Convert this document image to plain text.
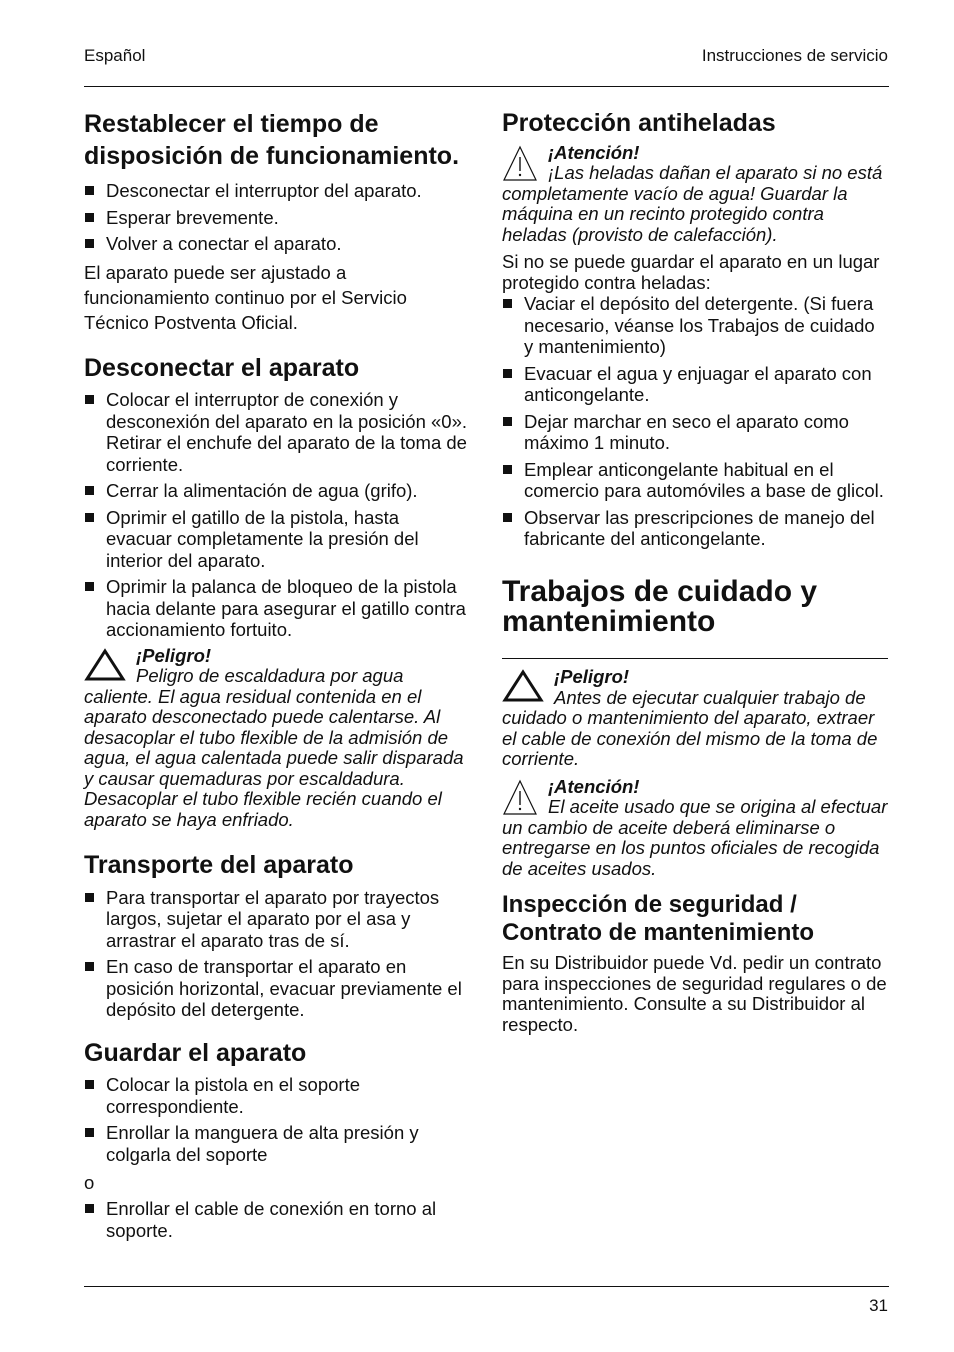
Español	Instrucciones de servicio
Restablecer el tiempo de disposición de funcionamiento.
Desconectar el interruptor del aparato.
Esperar brevemente.
Volver a conectar el aparato.

El aparato puede ser ajustado a funcionamiento continuo por el Servicio Técnico Postventa Oficial.

Desconectar el aparato
Colocar el interruptor de conexión y desconexión del aparato en la posición «0». Retirar el enchufe del aparato de la toma de corriente.
Cerrar la alimentación de agua (grifo).
Oprimir el gatillo de la pistola, hasta evacuar completamente la presión del interior del aparato.
Oprimir la palanca de bloqueo de la pistola hacia delante para asegurar el gatillo contra accionamiento fortuito.
¡Peligro!
Peligro de escaldadura por agua caliente. El agua residual contenida en el aparato desconectado puede calentarse. Al desacoplar el tubo flexible de la admisión de agua, el agua calentada puede salir disparada y causar quemaduras por escaldadura. Desacoplar el tubo flexible recién cuando el aparato se haya enfriado.
Transporte del aparato
Para transportar el aparato por trayectos largos, sujetar el aparato por el asa y arrastrar el aparato tras de sí.
En caso de transportar el aparato en posición horizontal, evacuar previamente el depósito del detergente.
Guardar el aparato
Colocar la pistola en el soporte correspondiente.
Enrollar la manguera de alta presión y colgarla del soporte

o

Enrollar el cable de conexión en torno al soporte.
Protección antiheladas
¡Atención!
¡Las heladas dañan el aparato si no está completamente vacío de agua! Guardar la máquina en un recinto protegido contra heladas (provisto de calefacción).

Si no se puede guardar el aparato en un lugar protegido contra heladas:

Vaciar el depósito del detergente. (Si fuera necesario, véanse los Trabajos de cuidado y mantenimiento)
Evacuar el agua y enjuagar el aparato con anticongelante.
Dejar marchar en seco el aparato como máximo 1 minuto.
Emplear anticongelante habitual en el comercio para automóviles a base de glicol.
Observar las prescripciones de manejo del fabricante del anticongelante.
Trabajos de cuidado y mantenimiento
¡Peligro!
Antes de ejecutar cualquier trabajo de cuidado o mantenimiento del aparato, extraer el cable de conexión del mismo de la toma de corriente.
¡Atención!
El aceite usado que se origina al efectuar un cambio de aceite deberá eliminarse o entregarse en los puntos oficiales de recogida de aceites usados.
Inspección de seguridad / Contrato de mantenimiento

En su Distribuidor puede Vd. pedir un contrato para inspecciones de seguridad regulares o de mantenimiento. Consulte a su Distribuidor al respecto.

31
